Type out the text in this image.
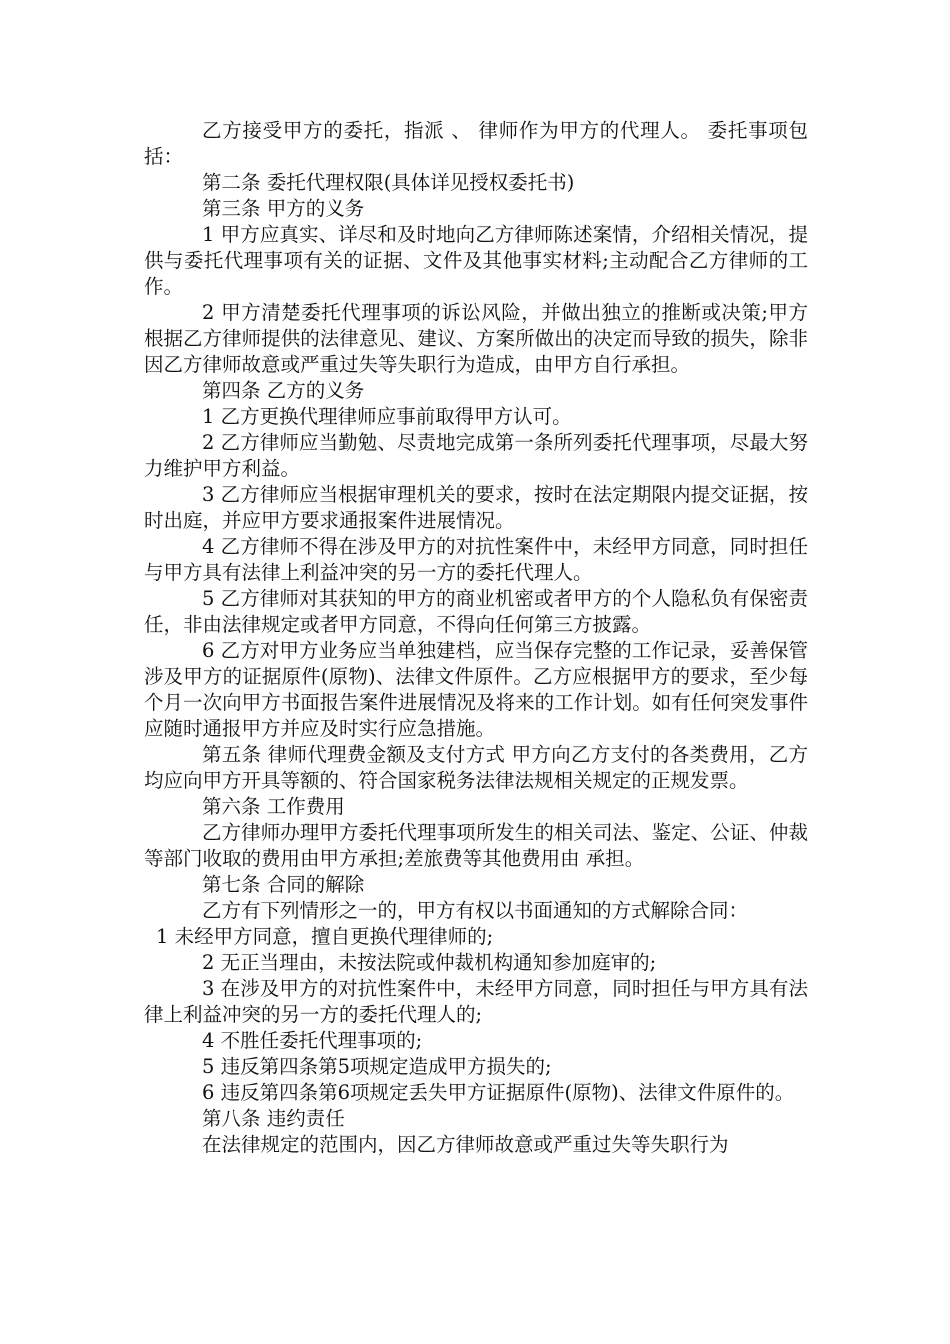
乙方接受甲方的委托，指派 、 律师作为甲方的代理人。 委托事项包括：

第二条 委托代理权限(具体详见授权委托书)

第三条 甲方的义务

1 甲方应真实、详尽和及时地向乙方律师陈述案情，介绍相关情况，提供与委托代理事项有关的证据、文件及其他事实材料;主动配合乙方律师的工作。

2 甲方清楚委托代理事项的诉讼风险，并做出独立的推断或决策;甲方根据乙方律师提供的法律意见、建议、方案所做出的决定而导致的损失，除非因乙方律师故意或严重过失等失职行为造成，由甲方自行承担。

第四条 乙方的义务

1 乙方更换代理律师应事前取得甲方认可。

2 乙方律师应当勤勉、尽责地完成第一条所列委托代理事项，尽最大努力维护甲方利益。

3 乙方律师应当根据审理机关的要求，按时在法定期限内提交证据，按时出庭，并应甲方要求通报案件进展情况。

4 乙方律师不得在涉及甲方的对抗性案件中，未经甲方同意，同时担任与甲方具有法律上利益冲突的另一方的委托代理人。

5 乙方律师对其获知的甲方的商业机密或者甲方的个人隐私负有保密责任，非由法律规定或者甲方同意，不得向任何第三方披露。

6 乙方对甲方业务应当单独建档，应当保存完整的工作记录，妥善保管涉及甲方的证据原件(原物)、法律文件原件。乙方应根据甲方的要求，至少每个月一次向甲方书面报告案件进展情况及将来的工作计划。如有任何突发事件应随时通报甲方并应及时实行应急措施。

第五条 律师代理费金额及支付方式 甲方向乙方支付的各类费用，乙方均应向甲方开具等额的、符合国家税务法律法规相关规定的正规发票。

第六条 工作费用

乙方律师办理甲方委托代理事项所发生的相关司法、鉴定、公证、仲裁等部门收取的费用由甲方承担;差旅费等其他费用由 承担。

第七条 合同的解除

乙方有下列情形之一的，甲方有权以书面通知的方式解除合同：

1 未经甲方同意，擅自更换代理律师的;

2 无正当理由，未按法院或仲裁机构通知参加庭审的;

3 在涉及甲方的对抗性案件中，未经甲方同意，同时担任与甲方具有法律上利益冲突的另一方的委托代理人的;

4 不胜任委托代理事项的;

5 违反第四条第5项规定造成甲方损失的;

6 违反第四条第6项规定丢失甲方证据原件(原物)、法律文件原件的。

第八条 违约责任

在法律规定的范围内，因乙方律师故意或严重过失等失职行为
